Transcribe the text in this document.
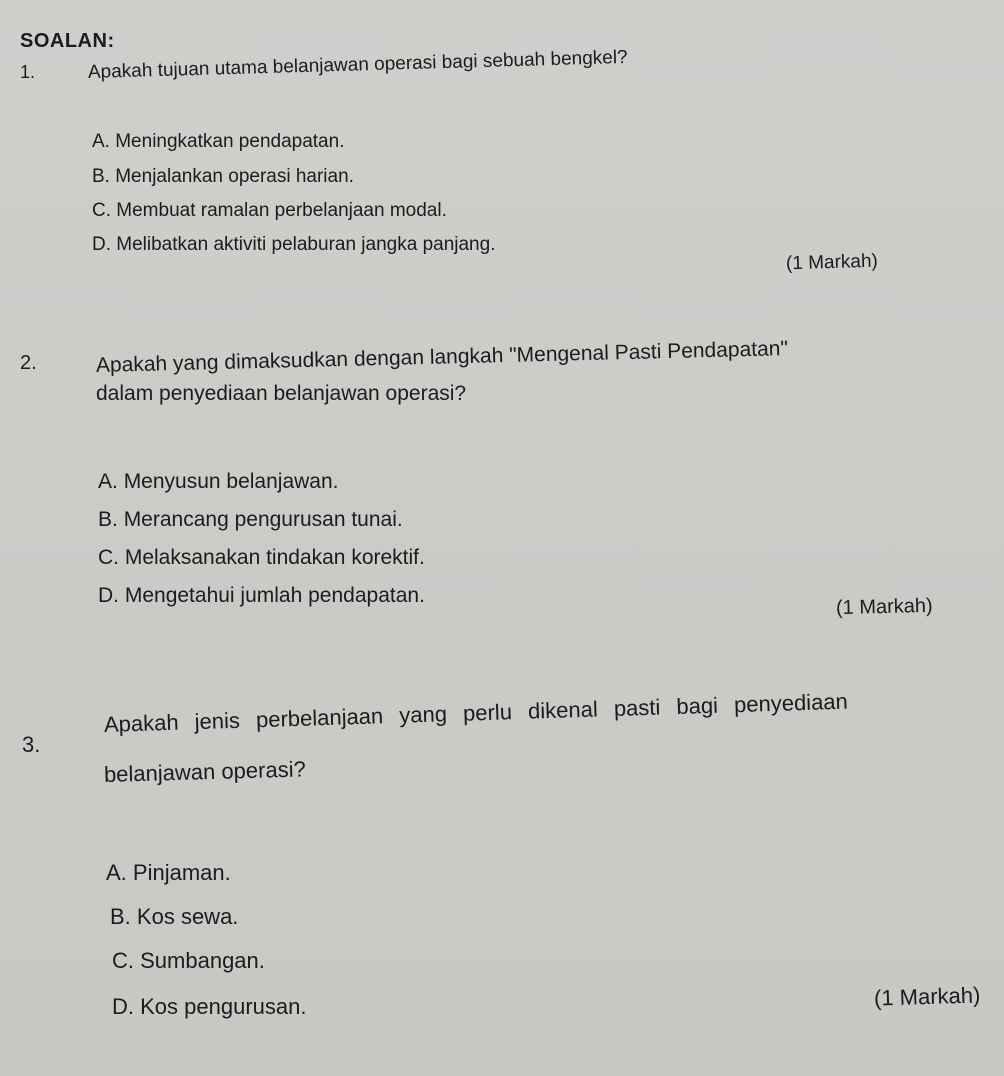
SOALAN:
1.	Apakah tujuan utama belanjawan operasi bagi sebuah bengkel?
A. Meningkatkan pendapatan.
B. Menjalankan operasi harian.
C. Membuat ramalan perbelanjaan modal.
D. Melibatkan aktiviti pelaburan jangka panjang.
(1 Markah)
2.	Apakah yang dimaksudkan dengan langkah "Mengenal Pasti Pendapatan"
dalam penyediaan belanjawan operasi?
A. Menyusun belanjawan.
B. Merancang pengurusan tunai.
C. Melaksanakan tindakan korektif.
D. Mengetahui jumlah pendapatan.	(1 Markah)
3.
Apakah jenis perbelanjaan yang perlu dikenal pasti bagi penyediaan
belanjawan operasi?
A. Pinjaman.
B. Kos sewa.
C. Sumbangan.
D. Kos pengurusan.	(1 Markah)
